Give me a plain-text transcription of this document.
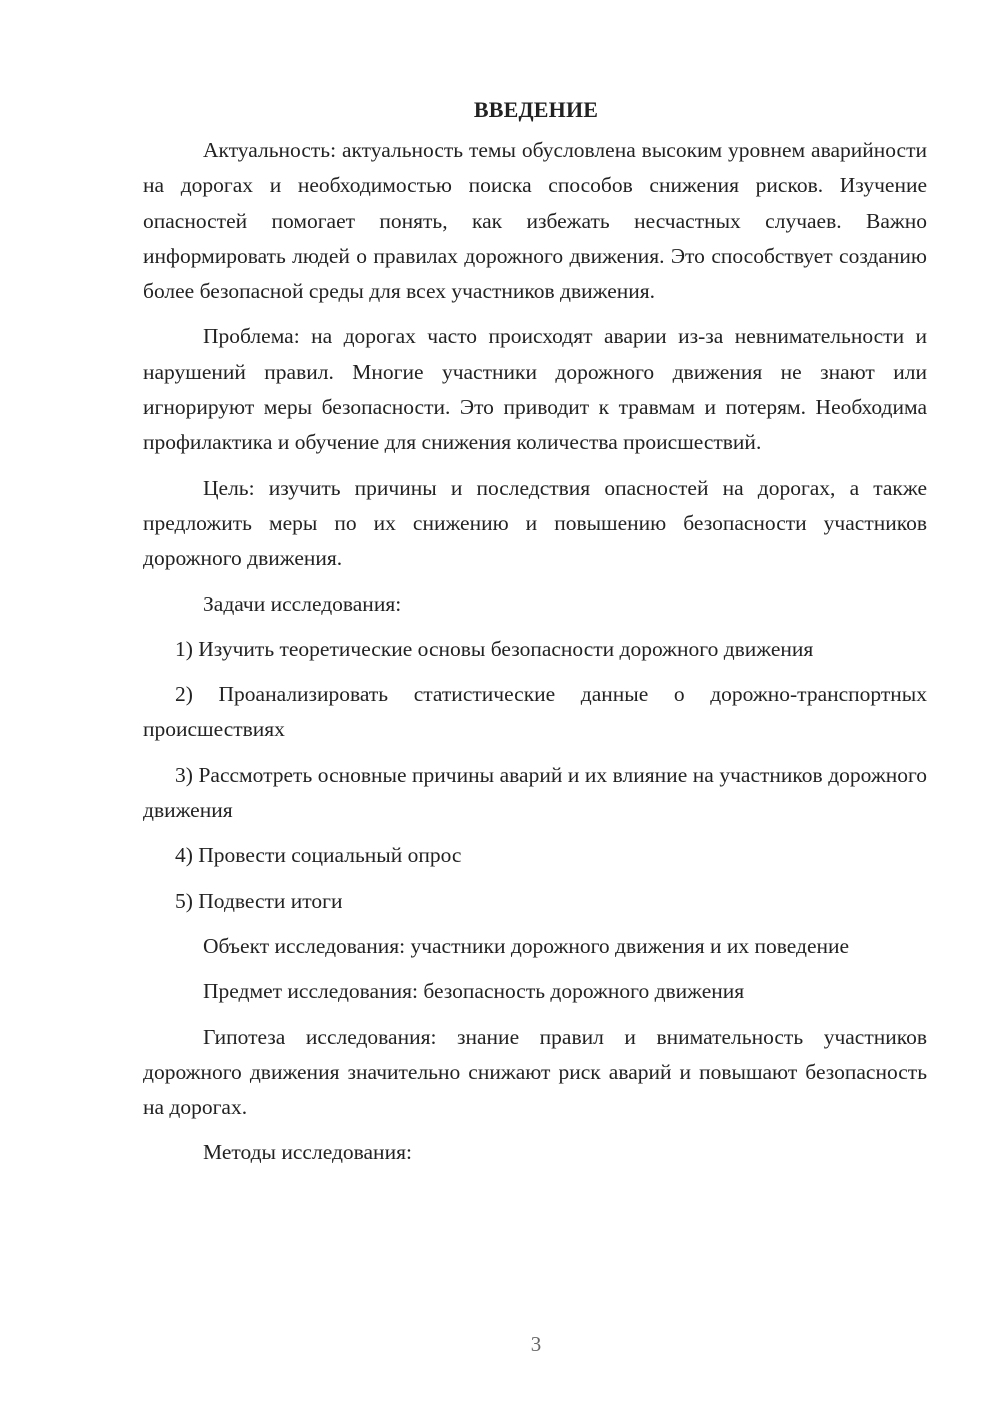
ВВЕДЕНИЕ

Актуальность: актуальность темы обусловлена высоким уровнем аварийности на дорогах и необходимостью поиска способов снижения рисков. Изучение опасностей помогает понять, как избежать несчастных случаев. Важно информировать людей о правилах дорожного движения. Это способствует созданию более безопасной среды для всех участников движения.

Проблема: на дорогах часто происходят аварии из-за невнимательности и нарушений правил. Многие участники дорожного движения не знают или игнорируют меры безопасности. Это приводит к травмам и потерям. Необходима профилактика и обучение для снижения количества происшествий.

Цель: изучить причины и последствия опасностей на дорогах, а также предложить меры по их снижению и повышению безопасности участников дорожного движения.

Задачи исследования:

1) Изучить теоретические основы безопасности дорожного движения

2) Проанализировать статистические данные о дорожно-транспортных происшествиях

3) Рассмотреть основные причины аварий и их влияние на участников дорожного движения

4) Провести социальный опрос

5) Подвести итоги

Объект исследования: участники дорожного движения и их поведение

Предмет исследования: безопасность дорожного движения

Гипотеза исследования: знание правил и внимательность участников дорожного движения значительно снижают риск аварий и повышают безопасность на дорогах.

Методы исследования:

3
